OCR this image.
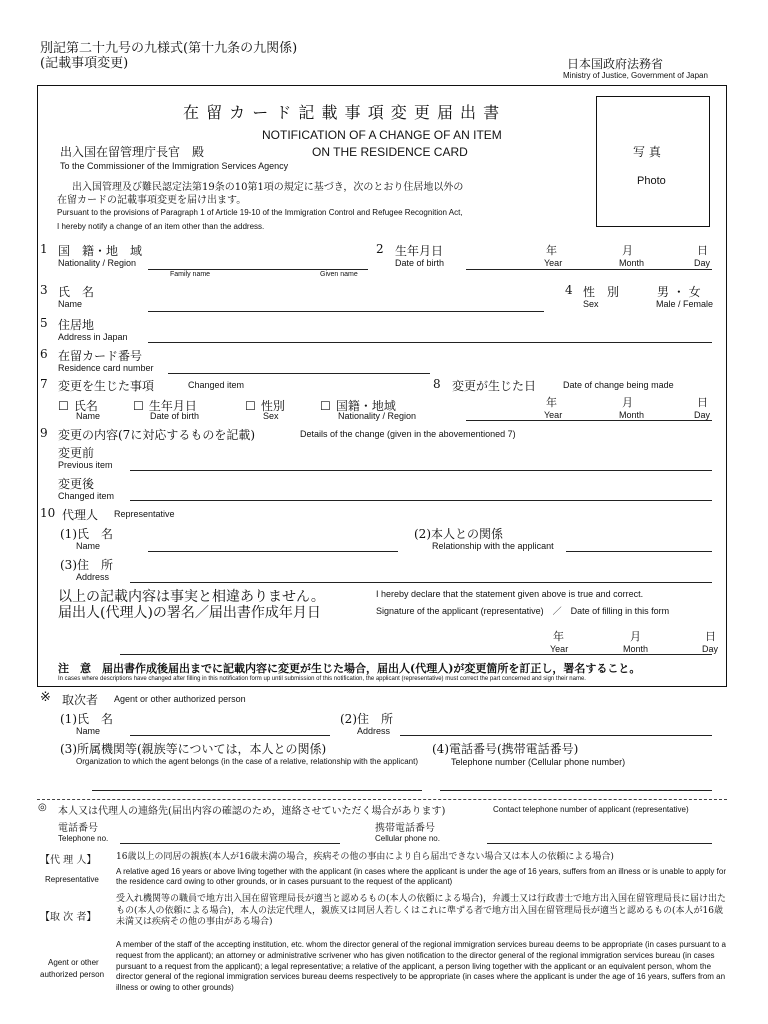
別記第二十九号の九様式(第十九条の九関係)
(記載事項変更)	日本国政府法務省
Ministry of Justice, Government of Japan
在 留 カ ー ド 記 載 事 項 変 更 届 出 書
NOTIFICATION OF A CHANGE OF AN ITEM
ON THE RESIDENCE CARD	写 真
Photo
出入国在留管理庁長官　殿
To the Commissioner of the Immigration Services Agency
出入国管理及び難民認定法第19条の10第1項の規定に基づき，次のとおり住居地以外の
在留カードの記載事項変更を届け出ます。
Pursuant to the provisions of Paragraph 1 of Article 19-10 of the Immigration Control and Refugee Recognition Act,
I hereby notify a change of an item other than the address.
1 国　籍・地　域
Nationality / Region
2 生年月日
Date of birth
年	月	日
Year	Month	Day
Family name	Given name
3 氏　名
Name
4 性　別
Sex
男 ・ 女
Male / Female
5 住居地
Address in Japan
6 在留カード番号
Residence card number
7 変更を生じた事項	Changed item	8 変更が生じた日	Date of change being made
☐ 氏名
Name
☐ 生年月日
Date of birth
☐ 性別
Sex
☐ 国籍・地域
Nationality / Region
年	月	日
Year	Month	Day
9 変更の内容(7に対応するものを記載)	Details of the change (given in the abovementioned 7)
変更前
Previous item
変更後
Changed item
10 代理人 Representative
(1)氏　名
Name
(2)本人との関係
Relationship with the applicant
(3)住　所
Address
以上の記載内容は事実と相違ありません。
届出人(代理人)の署名／届出書作成年月日
I hereby declare that the statement given above is true and correct.
Signature of the applicant (representative)　／　Date of filling in this form
年	月	日
Year	Month	Day
注　意　届出書作成後届出までに記載内容に変更が生じた場合，届出人(代理人)が変更箇所を訂正し，署名すること。
In cases where descriptions have changed after filling in this notification form up until submission of this notification, the applicant (representative) must correct the part concerned and sign their name.
※ 取次者 Agent or other authorized person
(1)氏　名
Name
(2)住　所
Address
(3)所属機関等(親族等については，本人との関係)
Organization to which the agent belongs (in the case of a relative, relationship with the applicant)
(4)電話番号(携帯電話番号)
Telephone number (Cellular phone number)
◎ 本人又は代理人の連絡先(届出内容の確認のため，連絡させていただく場合があります)	Contact telephone number of applicant (representative)
電話番号
Telephone no.
携帯電話番号
Cellular phone no.
【代 理 人】
Representative
16歳以上の同居の親族(本人が16歳未満の場合，疾病その他の事由により自ら届出できない場合又は本人の依頼による場合)
A relative aged 16 years or above living together with the applicant (in cases where the applicant is under the age of 16 years, suffers from an illness or is unable to apply for the residence card owing to other grounds, or in cases pursuant to the request of the applicant)
【取 次 者】
Agent or other
authorized person
受入れ機関等の職員で地方出入国在留管理局長が適当と認めるもの(本人の依頼による場合)，弁護士又は行政書士で地方出入国在留管理局長に届け出たもの(本人の依頼による場合)，本人の法定代理人，親族又は同居人若しくはこれに準ずる者で地方出入国在留管理局長が適当と認めるもの(本人が16歳未満又は疾病その他の事由がある場合)
A member of the staff of the accepting institution, etc. whom the director general of the regional immigration services bureau deems to be appropriate (in cases pursuant to a request from the applicant); an attorney or administrative scrivener who has given notification to the director general of the regional immigration services bureau (in cases pursuant to a request from the applicant); a legal representative; a relative of the applicant, a person living together with the applicant or an equivalent person, whom the director general of the regional immigration services bureau deems respectively to be appropriate (in cases where the applicant is under the age of 16 years, suffers from an illness or owing to other grounds)
